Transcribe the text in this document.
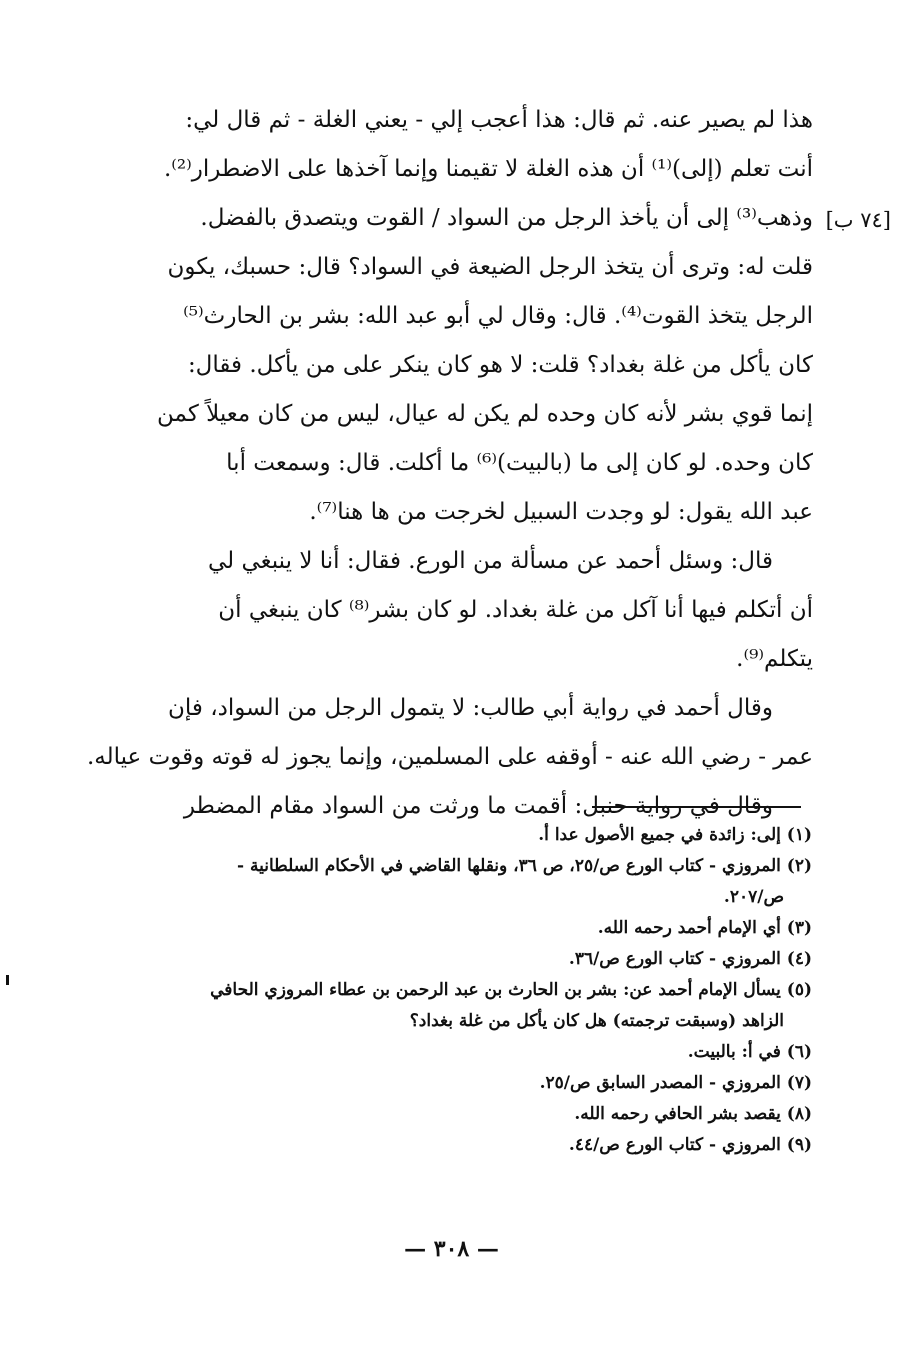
هذا لم يصير عنه. ثم قال: هذا أعجب إلي - يعني الغلة - ثم قال لي:
أنت تعلم (إلى)⁽¹⁾ أن هذه الغلة لا تقيمنا وإنما آخذها على الاضطرار⁽²⁾.
وذهب⁽³⁾ إلى أن يأخذ الرجل من السواد / القوت ويتصدق بالفضل.
قلت له: وترى أن يتخذ الرجل الضيعة في السواد؟ قال: حسبك، يكون
الرجل يتخذ القوت⁽⁴⁾. قال: وقال لي أبو عبد الله: بشر بن الحارث⁽⁵⁾
كان يأكل من غلة بغداد؟ قلت: لا هو كان ينكر على من يأكل. فقال:
إنما قوي بشر لأنه كان وحده لم يكن له عيال، ليس من كان معيلاً كمن
كان وحده. لو كان إلى ما (بالبيت)⁽⁶⁾ ما أكلت. قال: وسمعت أبا
عبد الله يقول: لو وجدت السبيل لخرجت من ها هنا⁽⁷⁾.
قال: وسئل أحمد عن مسألة من الورع. فقال: أنا لا ينبغي لي
أن أتكلم فيها أنا آكل من غلة بغداد. لو كان بشر⁽⁸⁾ كان ينبغي أن
يتكلم⁽⁹⁾.
وقال أحمد في رواية أبي طالب: لا يتمول الرجل من السواد، فإن
عمر - رضي الله عنه - أوقفه على المسلمين، وإنما يجوز له قوته وقوت عياله.
وقال في رواية حنبل: أقمت ما ورثت من السواد مقام المضطر
[٧٤ ب]
(١) إلى: زائدة في جميع الأصول عدا أ.
(٢) المروزي - كتاب الورع ص/٢٥، ص ٣٦، ونقلها القاضي في الأحكام السلطانية -
ص/٢٠٧.
(٣) أي الإمام أحمد رحمه الله.
(٤) المروزي - كتاب الورع ص/٣٦.
(٥) يسأل الإمام أحمد عن: بشر بن الحارث بن عبد الرحمن بن عطاء المروزي الحافي
الزاهد (وسبقت ترجمته) هل كان يأكل من غلة بغداد؟
(٦) في أ: بالبيت.
(٧) المروزي - المصدر السابق ص/٢٥.
(٨) يقصد بشر الحافي رحمه الله.
(٩) المروزي - كتاب الورع ص/٤٤.
— ٣٠٨ —
